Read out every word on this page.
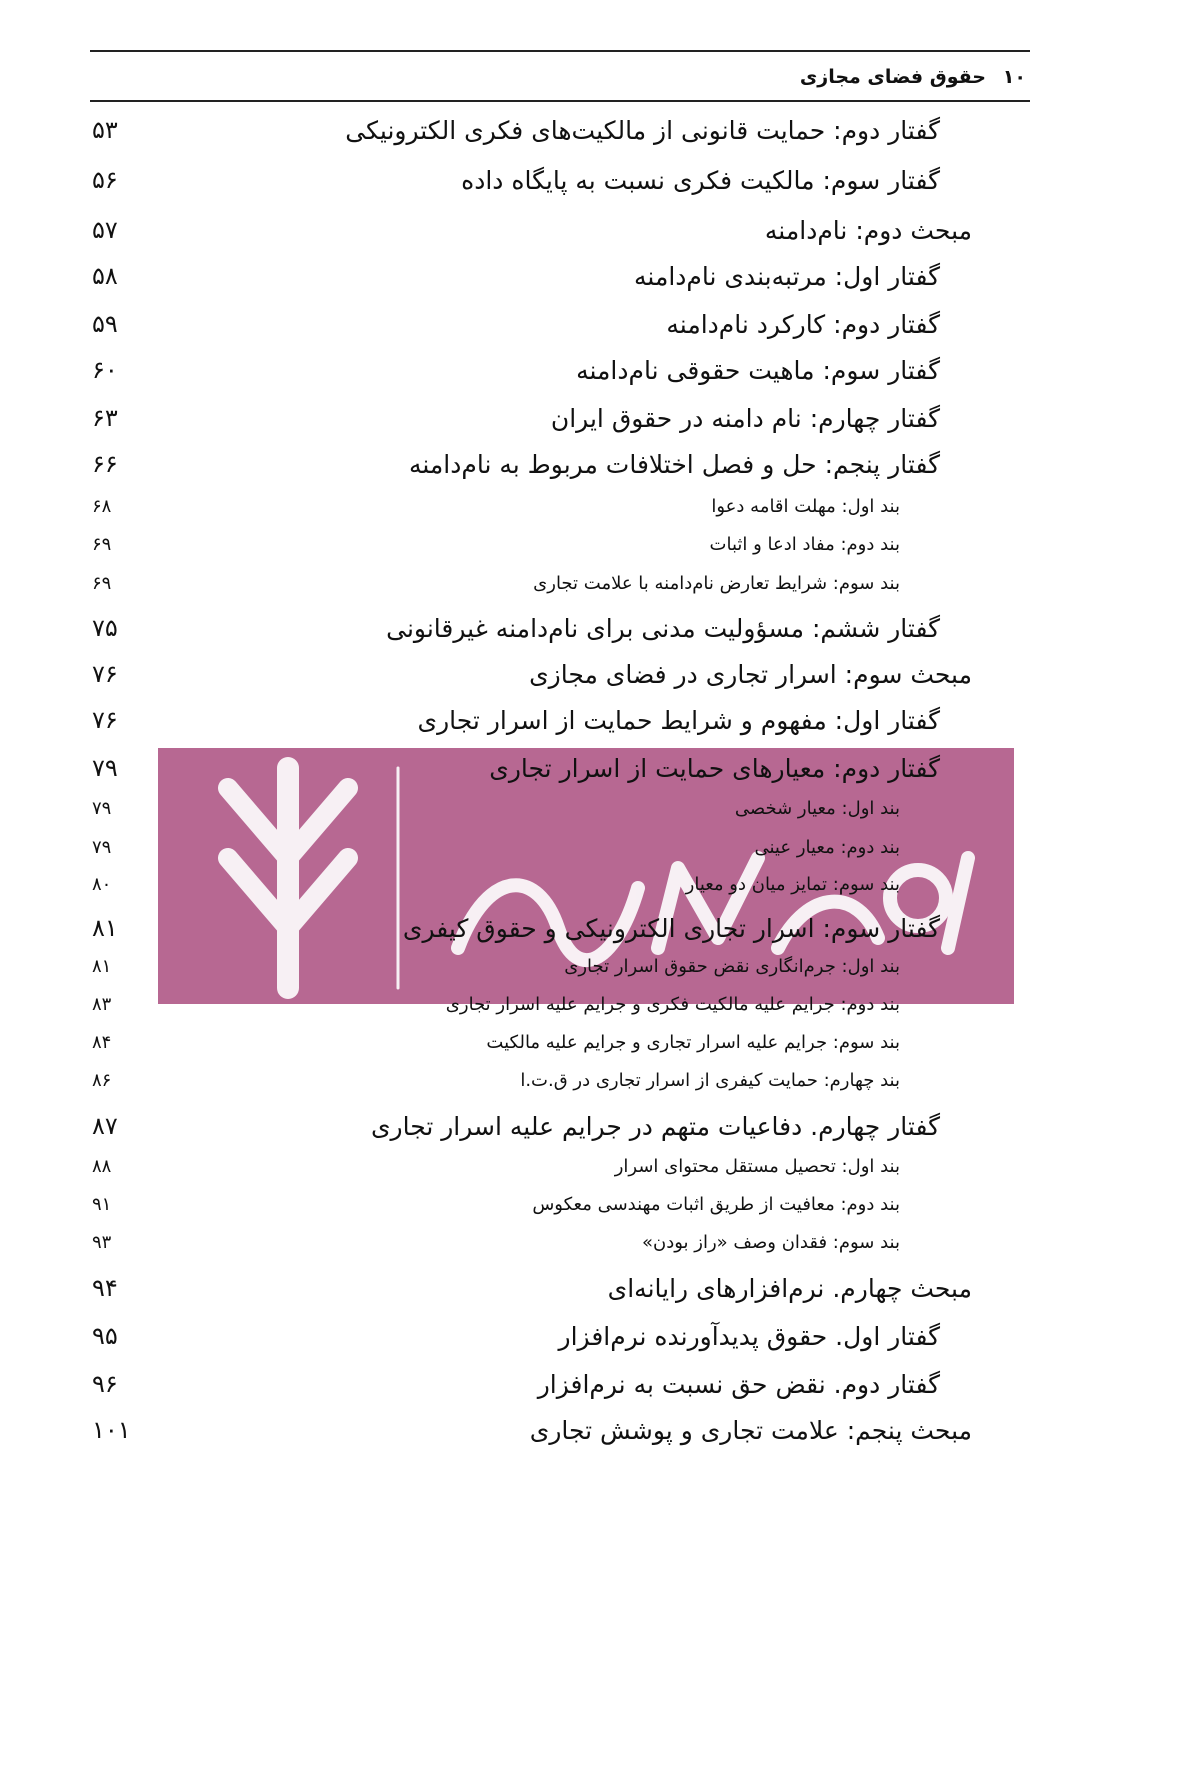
۱۰
حقوق فضای مجازی
گفتار دوم: حمایت قانونی از مالکیت‌های فکری الکترونیکی
۵۳
گفتار سوم: مالکیت فکری نسبت به پایگاه داده
۵۶
مبحث دوم: نام‌دامنه
۵۷
گفتار اول: مرتبه‌بندی نام‌دامنه
۵۸
گفتار دوم: کارکرد نام‌دامنه
۵۹
گفتار سوم: ماهیت حقوقی نام‌دامنه
۶۰
گفتار چهارم: نام دامنه در حقوق ایران
۶۳
گفتار پنجم: حل و فصل اختلافات مربوط به نام‌دامنه
۶۶
بند اول: مهلت اقامه دعوا
۶۸
بند دوم: مفاد ادعا و اثبات
۶۹
بند سوم: شرایط تعارض نام‌دامنه با علامت تجاری
۶۹
گفتار ششم: مسؤولیت مدنی برای نام‌دامنه غیرقانونی
۷۵
مبحث سوم: اسرار تجاری در فضای مجازی
۷۶
گفتار اول: مفهوم و شرایط حمایت از اسرار تجاری
۷۶
گفتار دوم: معیارهای حمایت از اسرار تجاری
۷۹
بند اول: معیار شخصی
۷۹
بند دوم: معیار عینی
۷۹
بند سوم: تمایز میان دو معیار
۸۰
گفتار سوم: اسرار تجاری الکترونیکی و حقوق کیفری
۸۱
بند اول: جرم‌انگاری نقض حقوق اسرار تجاری
۸۱
بند دوم: جرایم علیه مالکیت فکری و جرایم علیه اسرار تجاری
۸۳
بند سوم: جرایم علیه اسرار تجاری و جرایم علیه مالکیت
۸۴
بند چهارم: حمایت کیفری از اسرار تجاری در ق.ت.ا
۸۶
گفتار چهارم. دفاعیات متهم در جرایم علیه اسرار تجاری
۸۷
بند اول: تحصیل مستقل محتوای اسرار
۸۸
بند دوم: معافیت از طریق اثبات مهندسی معکوس
۹۱
بند سوم: فقدان وصف «راز بودن»
۹۳
مبحث چهارم. نرم‌افزارهای رایانه‌ای
۹۴
گفتار اول. حقوق پدیدآورنده نرم‌افزار
۹۵
گفتار دوم. نقض حق نسبت به نرم‌افزار
۹۶
مبحث پنجم: علامت تجاری و پوشش تجاری
۱۰۱
